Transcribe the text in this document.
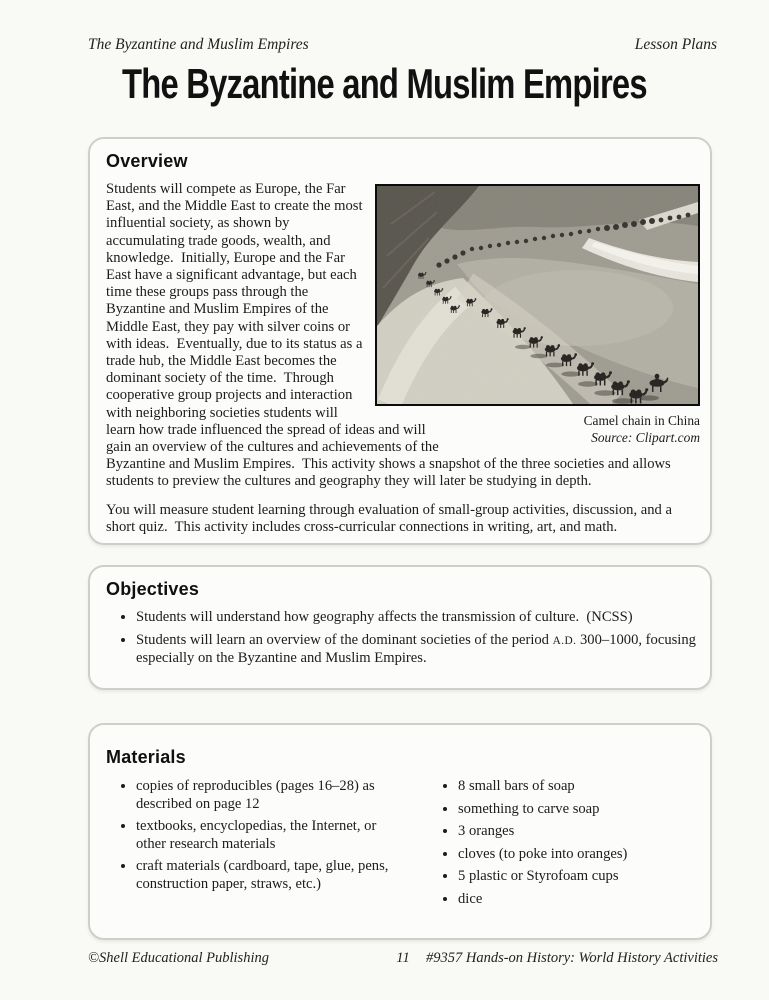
The Byzantine and Muslim Empires	Lesson Plans
The Byzantine and Muslim Empires
Overview
Camel chain in China
Source: Clipart.com

Students will compete as Europe, the Far East, and the Middle East to create the most influential society, as shown by accumulating trade goods, wealth, and knowledge.  Initially, Europe and the Far East have a significant advantage, but each time these groups pass through the Byzantine and Muslim Empires of the Middle East, they pay with silver coins or with ideas.  Eventually, due to its status as a trade hub, the Middle East becomes the dominant society of the time.  Through cooperative group projects and interaction with neighboring societies students will learn how trade influenced the spread of ideas and will gain an overview of the cultures and achievements of the Byzantine and Muslim Empires.  This activity shows a snapshot of the three societies and allows students to preview the cultures and geography they will later be studying in depth.

You will measure student learning through evaluation of small-group activities, discussion, and a short quiz.  This activity includes cross-curricular connections in writing, art, and math.

Objectives
• Students will understand how geography affects the transmission of culture.  (NCSS)
• Students will learn an overview of the dominant societies of the period A.D. 300–1000, focusing especially on the Byzantine and Muslim Empires.
Materials
• copies of reproducibles (pages 16–28) as described on page 12
• textbooks, encyclopedias, the Internet, or other research materials
• craft materials (cardboard, tape, glue, pens, construction paper, straws, etc.)
• 8 small bars of soap
• something to carve soap
• 3 oranges
• cloves (to poke into oranges)
• 5 plastic or Styrofoam cups
• dice
©Shell Educational Publishing	11	#9357 Hands-on History: World History Activities
